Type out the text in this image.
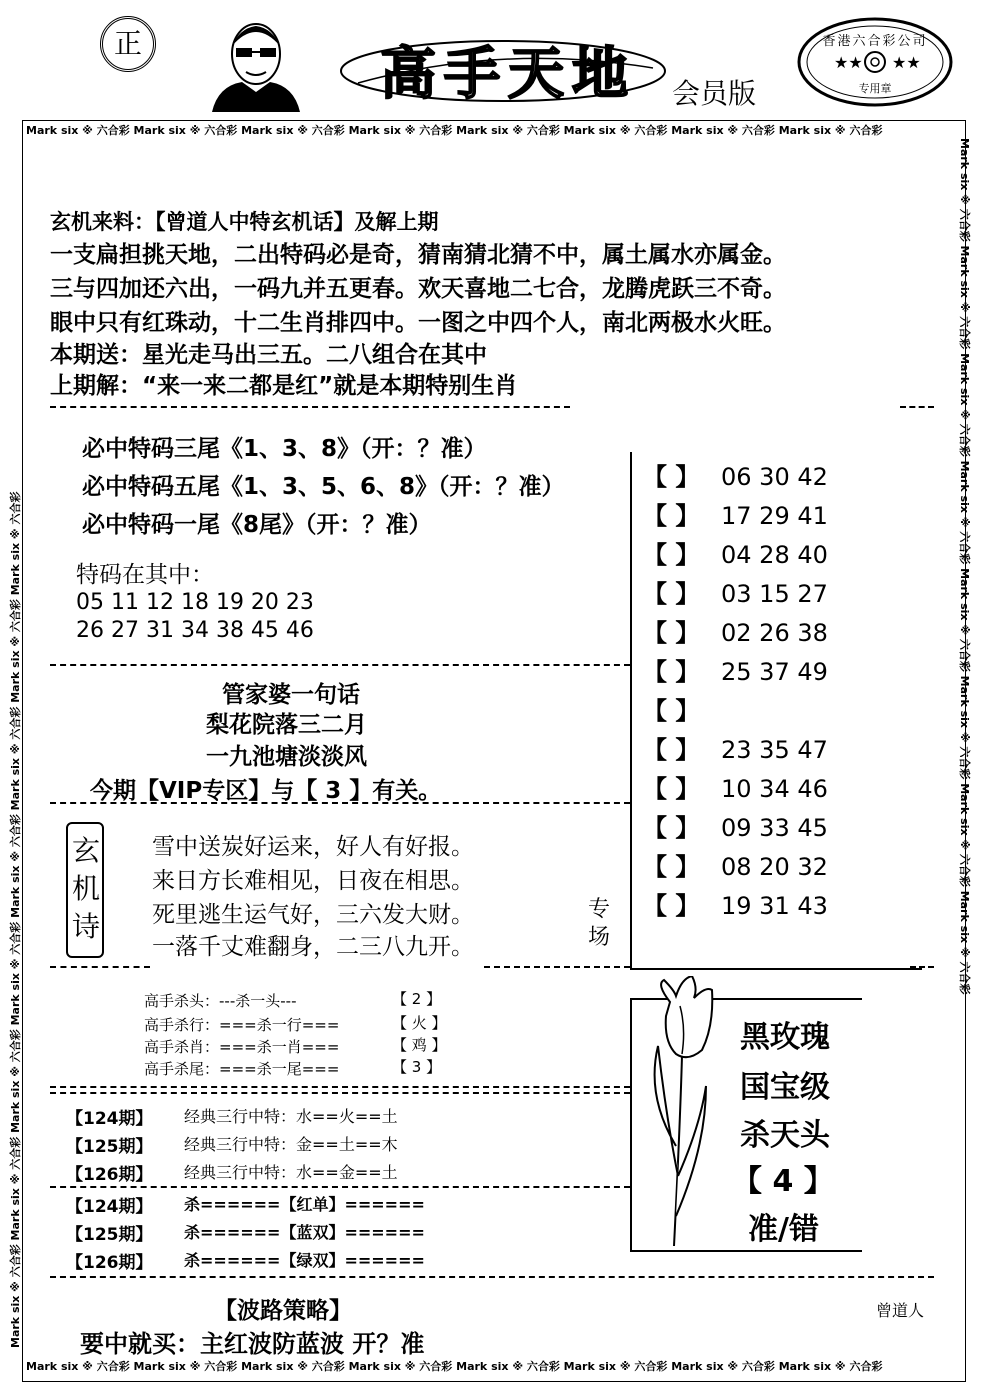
正	高手天地 会员版
★★ ★★
香港六合彩公司
专用章
Mark six ※ 六合彩 Mark six ※ 六合彩 Mark six ※ 六合彩 Mark six ※ 六合彩 Mark six ※ 六合彩 Mark six ※ 六合彩 Mark six ※ 六合彩 Mark six ※ 六合彩
Mark six ※ 六合彩 Mark six ※ 六合彩 Mark six ※ 六合彩 Mark six ※ 六合彩 Mark six ※ 六合彩 Mark six ※ 六合彩 Mark six ※ 六合彩 Mark six ※ 六合彩
Mark six ※ 六合彩 Mark six ※ 六合彩 Mark six ※ 六合彩 Mark six ※ 六合彩 Mark six ※ 六合彩 Mark six ※ 六合彩 Mark six ※ 六合彩 Mark six ※ 六合彩	Mark six ※ 六合彩 Mark six ※ 六合彩 Mark six ※ 六合彩 Mark six ※ 六合彩 Mark six ※ 六合彩 Mark six ※ 六合彩 Mark six ※ 六合彩 Mark six ※ 六合彩
玄机来料：【曾道人中特玄机话】及解上期
一支扁担挑天地，二出特码必是奇，猜南猜北猜不中，属土属水亦属金。
三与四加还六出，一码九并五更春。欢天喜地二七合，龙腾虎跃三不奇。
眼中只有红珠动，十二生肖排四中。一图之中四个人，南北两极水火旺。
本期送：星光走马出三五。二八组合在其中
上期解：“来一来二都是红”就是本期特别生肖
必中特码三尾《1、3、8》（开：？准）
必中特码五尾《1、3、5、6、8》（开：？准）
必中特码一尾《8尾》（开：？准）
特码在其中：
05 11 12 18 19 20 23
26 27 31 34 38 45 46
【 】 06 30 42
【 】 17 29 41
【 】 04 28 40
【 】 03 15 27
【 】 02 26 38
【 】 25 37 49
【 】
【 】 23 35 47
【 】 10 34 46
【 】 09 33 45
【 】 08 20 32
【 】 19 31 43
专场
管家婆一句话
梨花院落三二月
一九池塘淡淡风
今期【VIP专区】与【 3 】有关。
玄机诗
雪中送炭好运来，好人有好报。
来日方长难相见，日夜在相思。
死里逃生运气好，三六发大财。
一落千丈难翻身，二三八九开。
高手杀头：---杀一头---	【 2 】
高手杀行：===杀一行===	【 火 】
高手杀肖：===杀一肖===	【 鸡 】
高手杀尾：===杀一尾===	【 3 】
黑玫瑰
国宝级
杀天头
【 4 】
准/错
【124期】 经典三行中特：水==火==土
【125期】 经典三行中特：金==土==木
【126期】 经典三行中特：水==金==土
【124期】 杀======【红单】======
【125期】 杀======【蓝双】======
【126期】 杀======【绿双】======
【波路策略】	曾道人
要中就买：主红波防蓝波 开？准
